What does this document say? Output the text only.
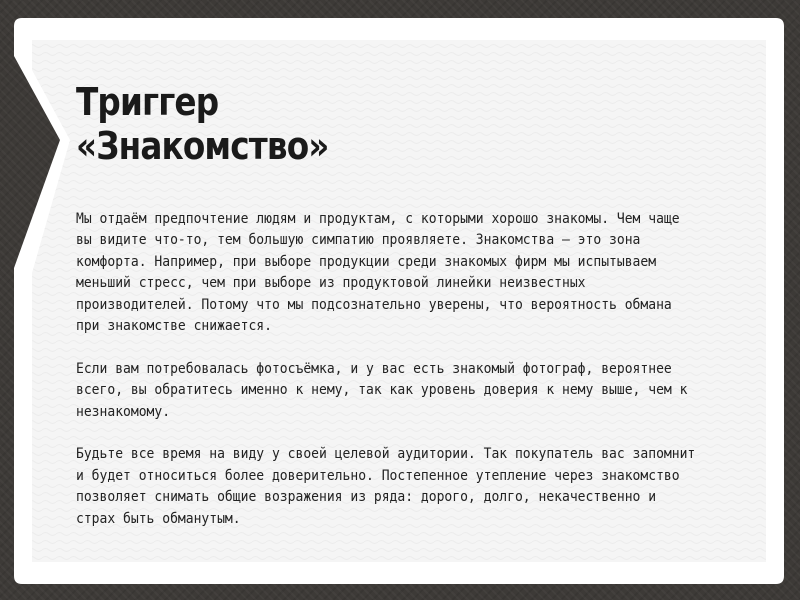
Триггер
«Знакомство»

Мы отдаём предпочтение людям и продуктам, с которыми хорошо знакомы. Чем чаще
вы видите что-то, тем большую симпатию проявляете. Знакомства — это зона
комфорта. Например, при выборе продукции среди знакомых фирм мы испытываем
меньший стресс, чем при выборе из продуктовой линейки неизвестных
производителей. Потому что мы подсознательно уверены, что вероятность обмана
при знакомстве снижается.

Если вам потребовалась фотосъёмка, и у вас есть знакомый фотограф, вероятнее
всего, вы обратитесь именно к нему, так как уровень доверия к нему выше, чем к
незнакомому.

Будьте все время на виду у своей целевой аудитории. Так покупатель вас запомнит
и будет относиться более доверительно. Постепенное утепление через знакомство
позволяет снимать общие возражения из ряда: дорого, долго, некачественно и
страх быть обманутым.
